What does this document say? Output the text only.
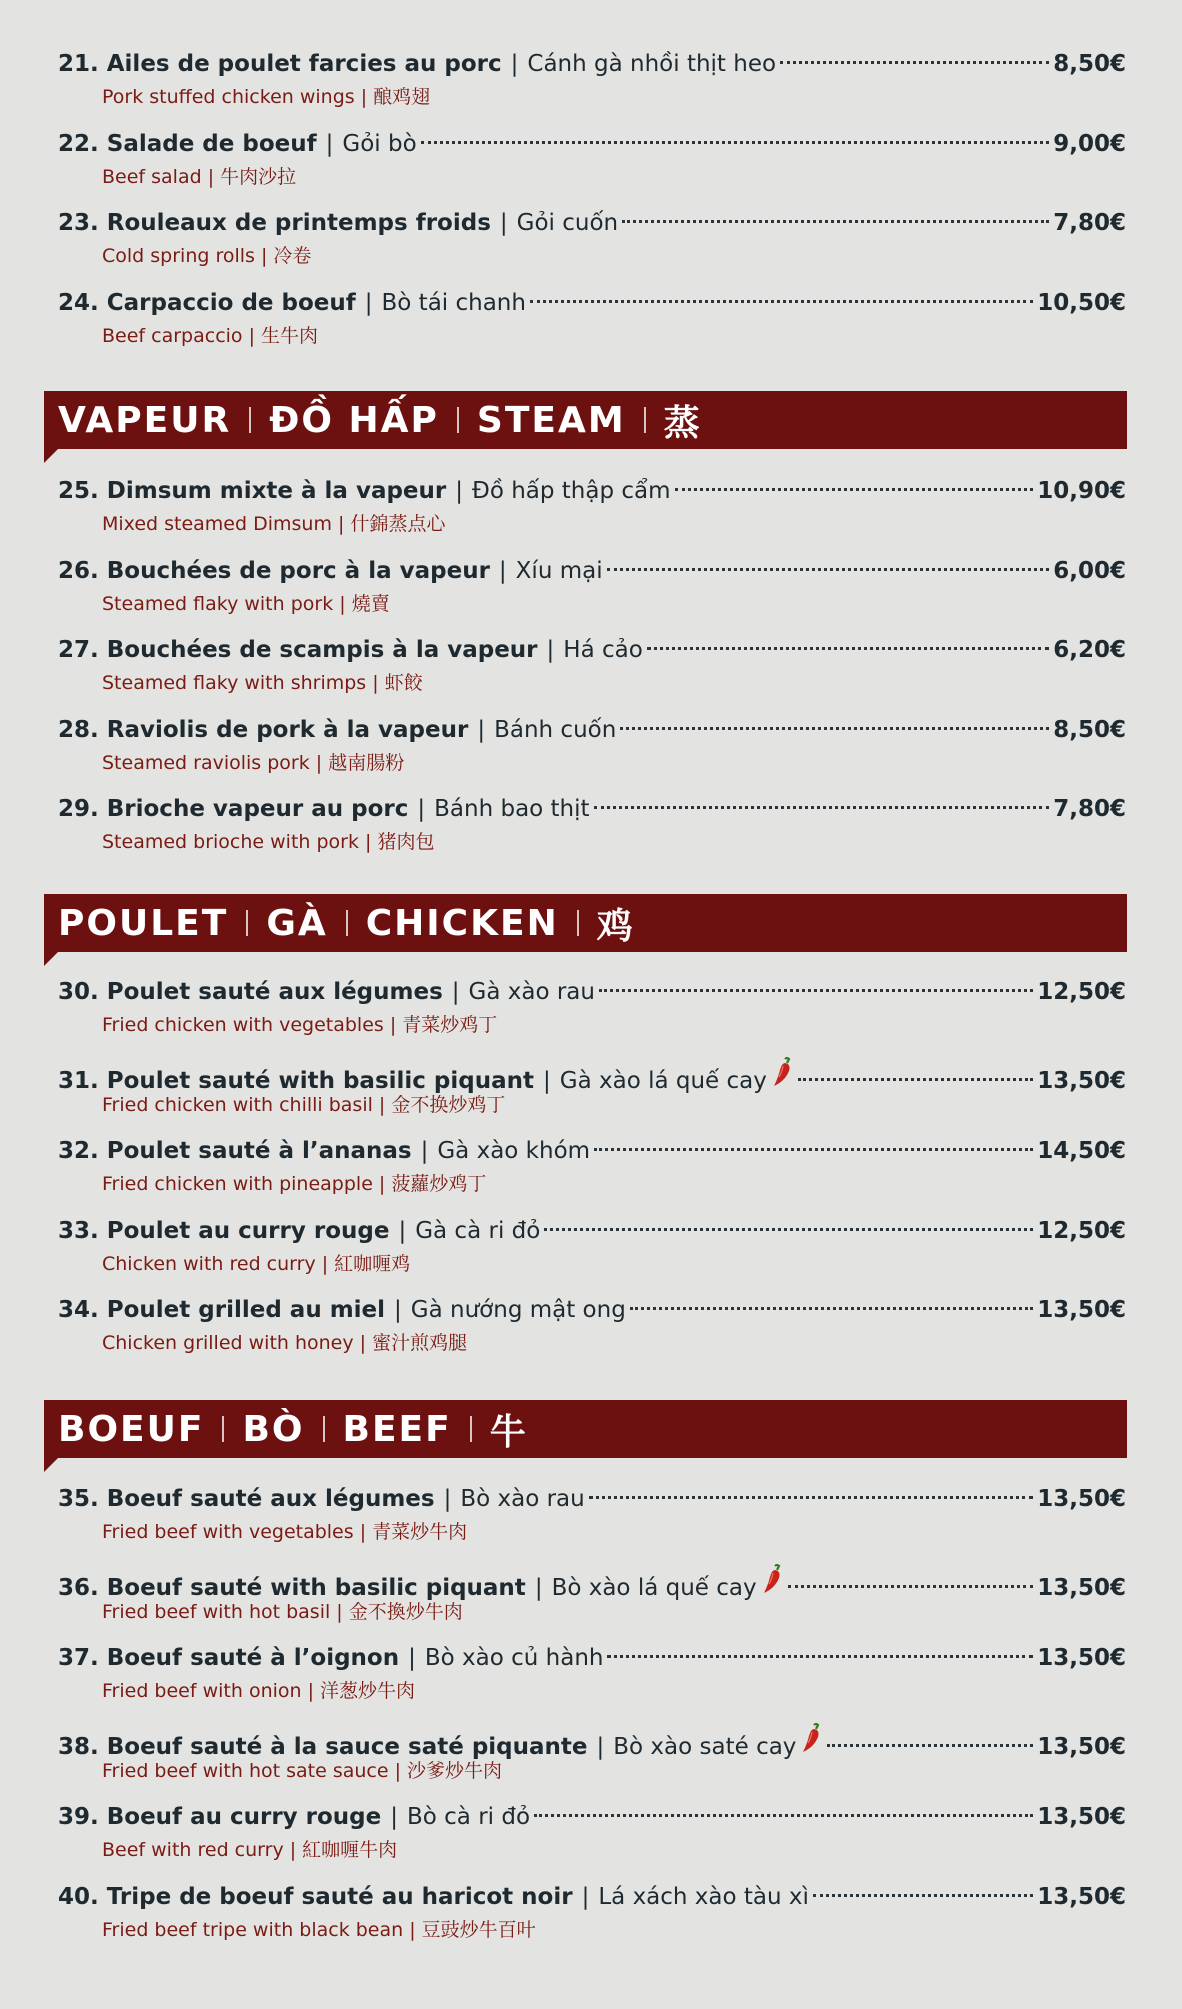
21. Ailes de poulet farcies au porc | Cánh gà nhồi thịt heo	8,50€
Pork stuffed chicken wings | 酿鸡翅
22. Salade de boeuf | Gỏi bò	9,00€
Beef salad | 牛肉沙拉
23. Rouleaux de printemps froids | Gỏi cuốn	7,80€
Cold spring rolls | 冷卷
24. Carpaccio de boeuf | Bò tái chanh	10,50€
Beef carpaccio | 生牛肉
VAPEUR ĐỒ HẤP STEAM 蒸
25. Dimsum mixte à la vapeur | Đồ hấp thập cẩm	10,90€
Mixed steamed Dimsum | 什錦蒸点心
26. Bouchées de porc à la vapeur | Xíu mại	6,00€
Steamed flaky with pork | 燒賣
27. Bouchées de scampis à la vapeur | Há cảo	6,20€
Steamed flaky with shrimps | 虾餃
28. Raviolis de pork à la vapeur | Bánh cuốn	8,50€
Steamed raviolis pork | 越南腸粉
29. Brioche vapeur au porc | Bánh bao thịt	7,80€
Steamed brioche with pork | 猪肉包
POULET GÀ CHICKEN 鸡
30. Poulet sauté aux légumes | Gà xào rau	12,50€
Fried chicken with vegetables | 青菜炒鸡丁
31. Poulet sauté with basilic piquant | Gà xào lá quế cay	13,50€
Fried chicken with chilli basil | 金不换炒鸡丁
32. Poulet sauté à l’ananas | Gà xào khóm	14,50€
Fried chicken with pineapple | 菠蘿炒鸡丁
33. Poulet au curry rouge | Gà cà ri đỏ	12,50€
Chicken with red curry | 紅咖喱鸡
34. Poulet grilled au miel | Gà nướng mật ong	13,50€
Chicken grilled with honey | 蜜汁煎鸡腿
BOEUF BÒ BEEF 牛
35. Boeuf sauté aux légumes | Bò xào rau	13,50€
Fried beef with vegetables | 青菜炒牛肉
36. Boeuf sauté with basilic piquant | Bò xào lá quế cay	13,50€
Fried beef with hot basil | 金不換炒牛肉
37. Boeuf sauté à l’oignon | Bò xào củ hành	13,50€
Fried beef with onion | 洋葱炒牛肉
38. Boeuf sauté à la sauce saté piquante | Bò xào saté cay	13,50€
Fried beef with hot sate sauce | 沙爹炒牛肉
39. Boeuf au curry rouge | Bò cà ri đỏ	13,50€
Beef with red curry | 紅咖喱牛肉
40. Tripe de boeuf sauté au haricot noir | Lá xách xào tàu xì	13,50€
Fried beef tripe with black bean | 豆豉炒牛百叶
